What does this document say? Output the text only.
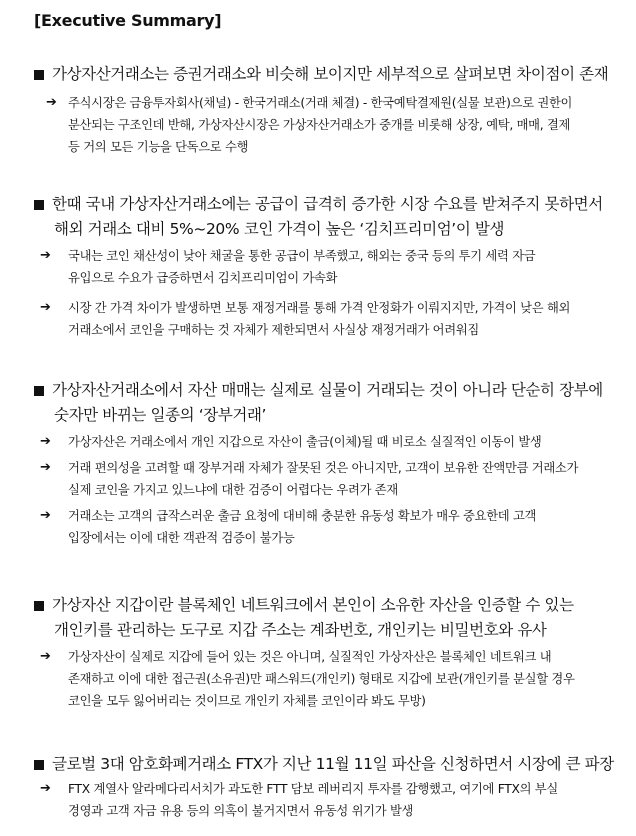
[Executive Summary]
가상자산거래소는 증권거래소와 비슷해 보이지만 세부적으로 살펴보면 차이점이 존재
➔ 주식시장은 금융투자회사(채널) - 한국거래소(거래 체결) - 한국예탁결제원(실물 보관)으로 권한이
분산되는 구조인데 반해, 가상자산시장은 가상자산거래소가 중개를 비롯해 상장, 예탁, 매매, 결제
등 거의 모든 기능을 단독으로 수행
한때 국내 가상자산거래소에는 공급이 급격히 증가한 시장 수요를 받쳐주지 못하면서
해외 거래소 대비 5%~20% 코인 가격이 높은 ‘김치프리미엄’이 발생
➔ 국내는 코인 채산성이 낮아 채굴을 통한 공급이 부족했고, 해외는 중국 등의 투기 세력 자금
유입으로 수요가 급증하면서 김치프리미엄이 가속화
➔ 시장 간 가격 차이가 발생하면 보통 재정거래를 통해 가격 안정화가 이뤄지지만, 가격이 낮은 해외
거래소에서 코인을 구매하는 것 자체가 제한되면서 사실상 재정거래가 어려워짐
가상자산거래소에서 자산 매매는 실제로 실물이 거래되는 것이 아니라 단순히 장부에
숫자만 바뀌는 일종의 ‘장부거래’
➔ 가상자산은 거래소에서 개인 지갑으로 자산이 출금(이체)될 때 비로소 실질적인 이동이 발생
➔ 거래 편의성을 고려할 때 장부거래 자체가 잘못된 것은 아니지만, 고객이 보유한 잔액만큼 거래소가
실제 코인을 가지고 있느냐에 대한 검증이 어렵다는 우려가 존재
➔ 거래소는 고객의 급작스러운 출금 요청에 대비해 충분한 유동성 확보가 매우 중요한데 고객
입장에서는 이에 대한 객관적 검증이 불가능
가상자산 지갑이란 블록체인 네트워크에서 본인이 소유한 자산을 인증할 수 있는
개인키를 관리하는 도구로 지갑 주소는 계좌번호, 개인키는 비밀번호와 유사
➔ 가상자산이 실제로 지갑에 들어 있는 것은 아니며, 실질적인 가상자산은 블록체인 네트워크 내
존재하고 이에 대한 접근권(소유권)만 패스워드(개인키) 형태로 지갑에 보관(개인키를 분실할 경우
코인을 모두 잃어버리는 것이므로 개인키 자체를 코인이라 봐도 무방)
글로벌 3대 암호화폐거래소 FTX가 지난 11월 11일 파산을 신청하면서 시장에 큰 파장
➔ FTX 계열사 알라메다리서치가 과도한 FTT 담보 레버리지 투자를 감행했고, 여기에 FTX의 부실
경영과 고객 자금 유용 등의 의혹이 불거지면서 유동성 위기가 발생
